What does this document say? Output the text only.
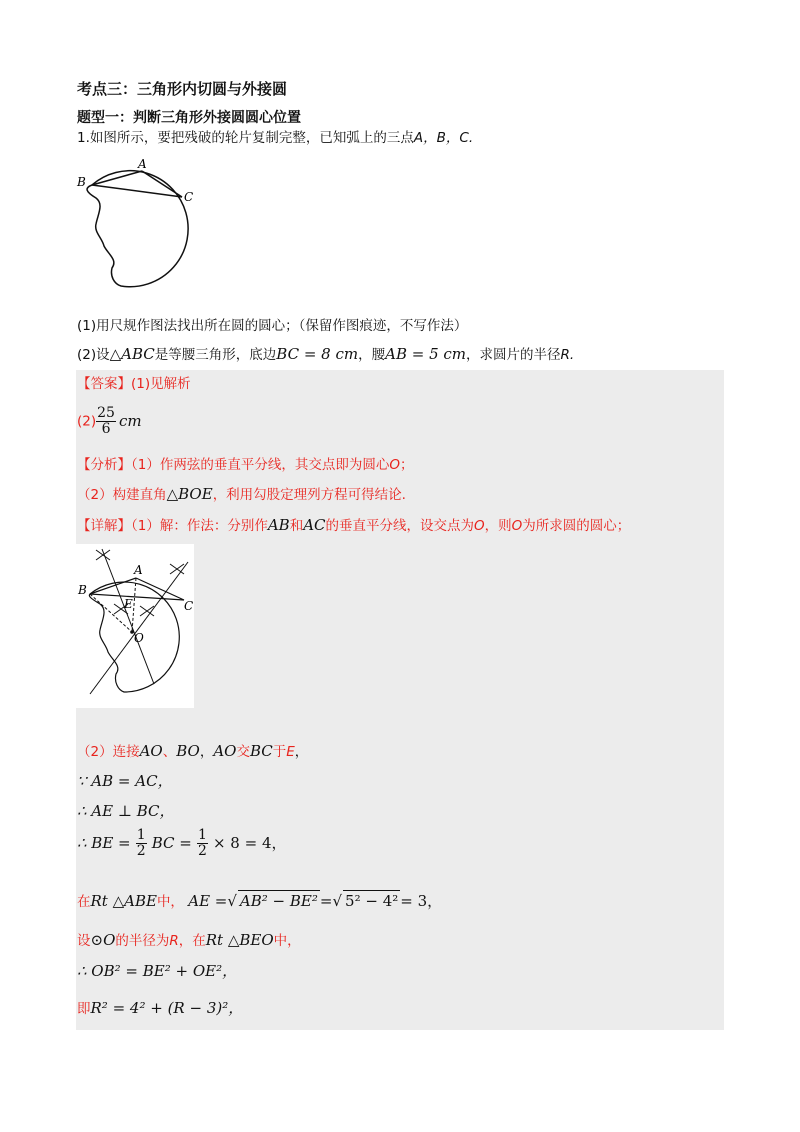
考点三：三角形内切圆与外接圆
题型一：判断三角形外接圆圆心位置
1.如图所示，要把残破的轮片复制完整，已知弧上的三点A，B，C.
A
B
C
(1)用尺规作图法找出所在圆的圆心；（保留作图痕迹，不写作法）
(2)设△ABC是等腰三角形，底边BC = 8 cm，腰AB = 5 cm，求圆片的半径R.
【答案】(1)见解析
$(2) \frac{25}{6}$ cm
【分析】（1）作两弦的垂直平分线，其交点即为圆心O；
（2）构建直角△BOE，利用勾股定理列方程可得结论.
【详解】（1）解：作法：分别作AB和AC的垂直平分线，设交点为O，则O为所求圆的圆心；
A
B
C
E
O
（2）连接AO、BO，AO交BC于E，
∵ AB = AC，
∴ AE ⊥ BC，
∴ BE = $\frac{1}{2}$ BC = $\frac{1}{2} \times 8 = 4$，
在Rt △ABE中， AE =√ AB² − BE² =√ 5² − 4² = 3，
设⊙O的半径为R，在Rt △BEO中，
∴ OB² = BE² + OE²，
即R² = 4² + (R − 3)²，
